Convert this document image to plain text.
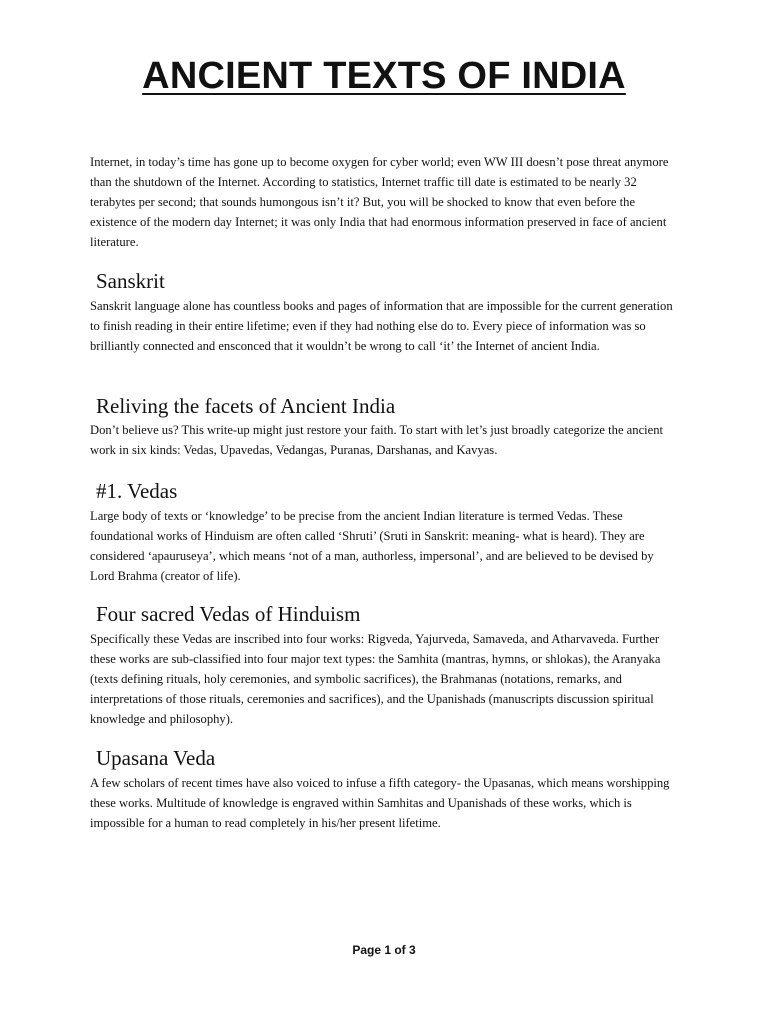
ANCIENT TEXTS OF INDIA

Internet, in today’s time has gone up to become oxygen for cyber world; even WW III doesn’t pose threat anymore than the shutdown of the Internet. According to statistics, Internet traffic till date is estimated to be nearly 32 terabytes per second; that sounds humongous isn’t it? But, you will be shocked to know that even before the existence of the modern day Internet; it was only India that had enormous information preserved in face of ancient literature.

Sanskrit

Sanskrit language alone has countless books and pages of information that are impossible for the current generation to finish reading in their entire lifetime; even if they had nothing else do to. Every piece of information was so brilliantly connected and ensconced that it wouldn’t be wrong to call ‘it’ the Internet of ancient India.

Reliving the facets of Ancient India

Don’t believe us? This write-up might just restore your faith. To start with let’s just broadly categorize the ancient work in six kinds: Vedas, Upavedas, Vedangas, Puranas, Darshanas, and Kavyas.

#1. Vedas

Large body of texts or ‘knowledge’ to be precise from the ancient Indian literature is termed Vedas. These foundational works of Hinduism are often called ‘Shruti’ (Sruti in Sanskrit: meaning- what is heard). They are considered ‘apauruseya’, which means ‘not of a man, authorless, impersonal’, and are believed to be devised by Lord Brahma (creator of life).

Four sacred Vedas of Hinduism

Specifically these Vedas are inscribed into four works: Rigveda, Yajurveda, Samaveda, and Atharvaveda. Further these works are sub-classified into four major text types: the Samhita (mantras, hymns, or shlokas), the Aranyaka (texts defining rituals, holy ceremonies, and symbolic sacrifices), the Brahmanas (notations, remarks, and interpretations of those rituals, ceremonies and sacrifices), and the Upanishads (manuscripts discussion spiritual knowledge and philosophy).

Upasana Veda

A few scholars of recent times have also voiced to infuse a fifth category- the Upasanas, which means worshipping these works. Multitude of knowledge is engraved within Samhitas and Upanishads of these works, which is impossible for a human to read completely in his/her present lifetime.

Page 1 of 3
